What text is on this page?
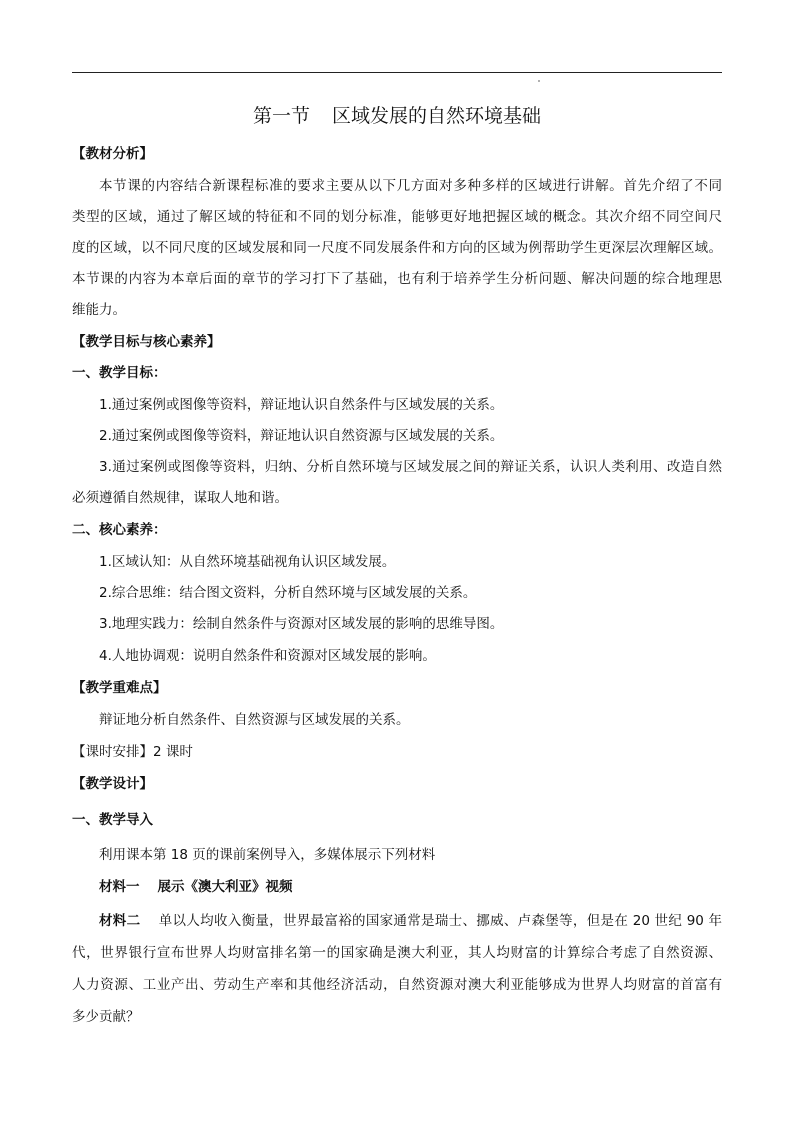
第一节 区域发展的自然环境基础
【教材分析】
本节课的内容结合新课程标准的要求主要从以下几方面对多种多样的区域进行讲解。首先介绍了不同
类型的区域，通过了解区域的特征和不同的划分标准，能够更好地把握区域的概念。其次介绍不同空间尺
度的区域，以不同尺度的区域发展和同一尺度不同发展条件和方向的区域为例帮助学生更深层次理解区域。
本节课的内容为本章后面的章节的学习打下了基础，也有利于培养学生分析问题、解决问题的综合地理思
维能力。
【教学目标与核心素养】
一、教学目标：
1.通过案例或图像等资料，辩证地认识自然条件与区域发展的关系。
2.通过案例或图像等资料，辩证地认识自然资源与区域发展的关系。
3.通过案例或图像等资料，归纳、分析自然环境与区域发展之间的辩证关系，认识人类利用、改造自然
必须遵循自然规律，谋取人地和谐。
二、核心素养：
1.区域认知：从自然环境基础视角认识区域发展。
2.综合思维：结合图文资料，分析自然环境与区域发展的关系。
3.地理实践力：绘制自然条件与资源对区域发展的影响的思维导图。
4.人地协调观：说明自然条件和资源对区域发展的影响。
【教学重难点】
辩证地分析自然条件、自然资源与区域发展的关系。
【课时安排】2 课时
【教学设计】
一、教学导入
利用课本第 18 页的课前案例导入，多媒体展示下列材料
材料一 展示《澳大利亚》视频
材料二 单以人均收入衡量，世界最富裕的国家通常是瑞士、挪威、卢森堡等，但是在 20 世纪 90 年
代，世界银行宣布世界人均财富排名第一的国家确是澳大利亚，其人均财富的计算综合考虑了自然资源、
人力资源、工业产出、劳动生产率和其他经济活动，自然资源对澳大利亚能够成为世界人均财富的首富有
多少贡献？
